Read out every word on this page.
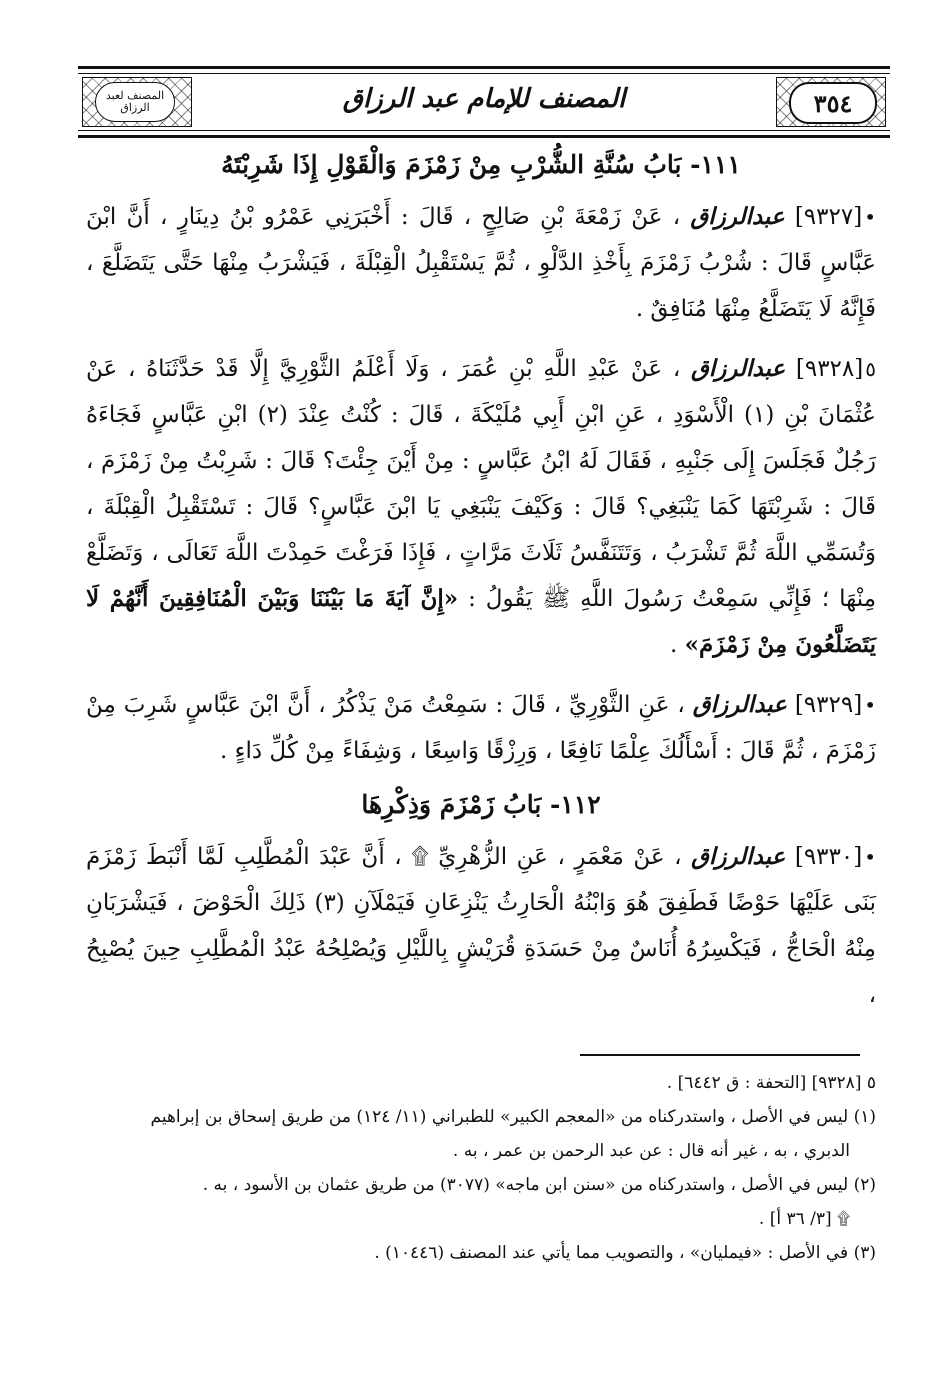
٣٥٤
المصنف للإمام عبد الرزاق
المصنف لعبد الرزاق
١١١- بَابُ سُنَّةِ الشُّرْبِ مِنْ زَمْزَمَ وَالْقَوْلِ إِذَا شَرِبْتَهُ

•[٩٣٢٧] عبدالرزاق ، عَنْ زَمْعَةَ بْنِ صَالِحٍ ، قَالَ : أَخْبَرَنِي عَمْرُو بْنُ دِينَارٍ ، أَنَّ ابْنَ عَبَّاسٍ قَالَ : شُرْبُ زَمْزَمَ بِأَخْذِ الدَّلْوِ ، ثُمَّ يَسْتَقْبِلُ الْقِبْلَةَ ، فَيَشْرَبُ مِنْهَا حَتَّى يَتَضَلَّعَ ، فَإِنَّهُ لَا يَتَضَلَّعُ مِنْهَا مُنَافِقٌ .

٥[٩٣٢٨] عبدالرزاق ، عَنْ عَبْدِ اللَّهِ بْنِ عُمَرَ ، وَلَا أَعْلَمُ الثَّوْرِيَّ إِلَّا قَدْ حَدَّثَنَاهُ ، عَنْ عُثْمَانَ بْنِ (١) الْأَسْوَدِ ، عَنِ ابْنِ أَبِي مُلَيْكَةَ ، قَالَ : كُنْتُ عِنْدَ (٢) ابْنِ عَبَّاسٍ فَجَاءَهُ رَجُلٌ فَجَلَسَ إِلَى جَنْبِهِ ، فَقَالَ لَهُ ابْنُ عَبَّاسٍ : مِنْ أَيْنَ جِئْتَ؟ قَالَ : شَرِبْتُ مِنْ زَمْزَمَ ، قَالَ : شَرِبْتَهَا كَمَا يَنْبَغِي؟ قَالَ : وَكَيْفَ يَنْبَغِي يَا ابْنَ عَبَّاسٍ؟ قَالَ : تَسْتَقْبِلُ الْقِبْلَةَ ، وَتُسَمِّي اللَّهَ ثُمَّ تَشْرَبُ ، وَتَتَنَفَّسُ ثَلَاثَ مَرَّاتٍ ، فَإِذَا فَرَغْتَ حَمِدْتَ اللَّهَ تَعَالَى ، وَتَضَلَّعْ مِنْهَا ؛ فَإِنِّي سَمِعْتُ رَسُولَ اللَّهِ ﷺ يَقُولُ : «إِنَّ آيَةَ مَا بَيْنَنَا وَبَيْنَ الْمُنَافِقِينَ أَنَّهُمْ لَا يَتَضَلَّعُونَ مِنْ زَمْزَمَ» .

•[٩٣٢٩] عبدالرزاق ، عَنِ الثَّوْرِيِّ ، قَالَ : سَمِعْتُ مَنْ يَذْكُرُ ، أَنَّ ابْنَ عَبَّاسٍ شَرِبَ مِنْ زَمْزَمَ ، ثُمَّ قَالَ : أَسْأَلُكَ عِلْمًا نَافِعًا ، وَرِزْقًا وَاسِعًا ، وَشِفَاءً مِنْ كُلِّ دَاءٍ .

١١٢- بَابُ زَمْزَمَ وَذِكْرِهَا

•[٩٣٣٠] عبدالرزاق ، عَنْ مَعْمَرٍ ، عَنِ الزُّهْرِيِّ ۩ ، أَنَّ عَبْدَ الْمُطَّلِبِ لَمَّا أَنْبَطَ زَمْزَمَ بَنَى عَلَيْهَا حَوْضًا فَطَفِقَ هُوَ وَابْنُهُ الْحَارِثُ يَنْزِعَانِ فَيَمْلَآنِ (٣) ذَلِكَ الْحَوْضَ ، فَيَشْرَبَانِ مِنْهُ الْحَاجُّ ، فَيَكْسِرُهُ أُنَاسٌ مِنْ حَسَدَةِ قُرَيْشٍ بِاللَّيْلِ وَيُصْلِحُهُ عَبْدُ الْمُطَّلِبِ حِينَ يُصْبِحُ ،

٥ [٩٣٢٨] [التحفة : ق ٦٤٤٢] .

(١) ليس في الأصل ، واستدركناه من «المعجم الكبير» للطبراني (١١/ ١٢٤) من طريق إسحاق بن إبراهيم

الدبري ، به ، غير أنه قال : عن عبد الرحمن بن عمر ، به .

(٢) ليس في الأصل ، واستدركناه من «سنن ابن ماجه» (٣٠٧٧) من طريق عثمان بن الأسود ، به .

۩ [٣/ ٣٦ أ] .

(٣) في الأصل : «فيمليان» ، والتصويب مما يأتي عند المصنف (١٠٤٤٦) .
